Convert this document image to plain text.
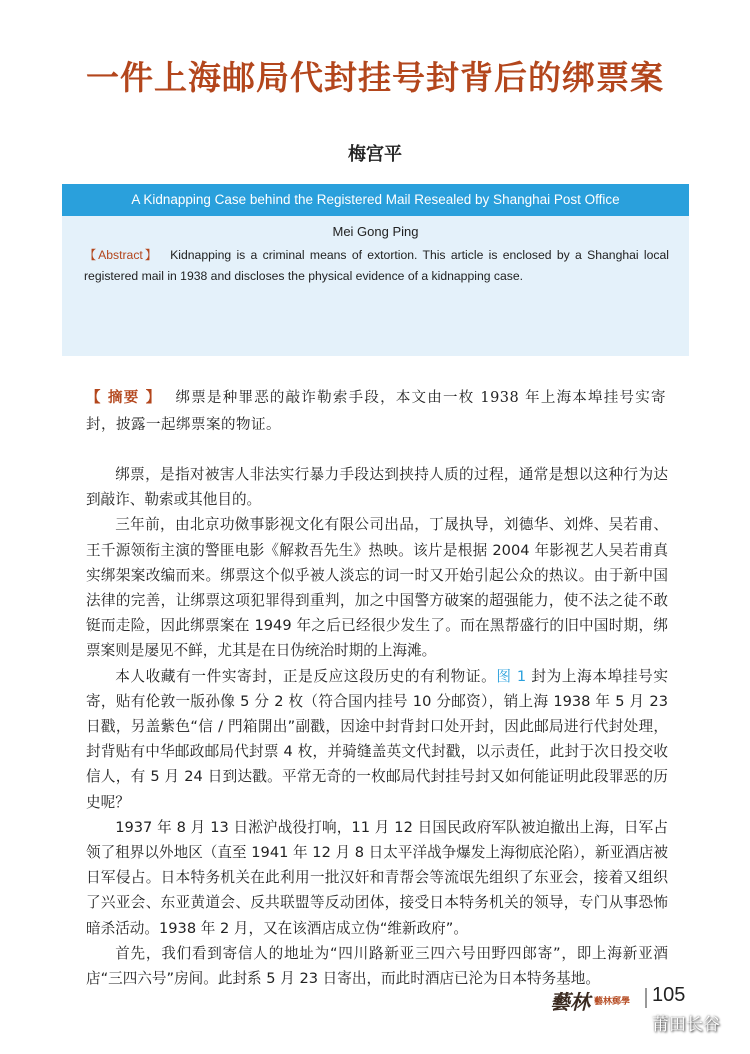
一件上海邮局代封挂号封背后的绑票案
梅宫平
A Kidnapping Case behind the Registered Mail Resealed by Shanghai Post Office
Mei Gong Ping
【Abstract】 Kidnapping is a criminal means of extortion. This article is enclosed by a Shanghai local registered mail in 1938 and discloses the physical evidence of a kidnapping case.
【 摘要 】 绑票是种罪恶的敲诈勒索手段，本文由一枚 1938 年上海本埠挂号实寄封，披露一起绑票案的物证。

绑票，是指对被害人非法实行暴力手段达到挟持人质的过程，通常是想以这种行为达到敲诈、勒索或其他目的。

三年前，由北京功傚事影视文化有限公司出品，丁晟执导，刘德华、刘烨、吴若甫、王千源领衔主演的警匪电影《解救吾先生》热映。该片是根据 2004 年影视艺人吴若甫真实绑架案改编而来。绑票这个似乎被人淡忘的词一时又开始引起公众的热议。由于新中国法律的完善，让绑票这项犯罪得到重判，加之中国警方破案的超强能力，使不法之徒不敢铤而走险，因此绑票案在 1949 年之后已经很少发生了。而在黑帮盛行的旧中国时期，绑票案则是屡见不鲜，尤其是在日伪统治时期的上海滩。

本人收藏有一件实寄封，正是反应这段历史的有利物证。图 1 封为上海本埠挂号实寄，贴有伦敦一版孙像 5 分 2 枚（符合国内挂号 10 分邮资），销上海 1938 年 5 月 23 日戳，另盖紫色“信 / 門箱開出”副戳，因途中封背封口处开封，因此邮局进行代封处理，封背贴有中华邮政邮局代封票 4 枚，并骑缝盖英文代封戳，以示责任，此封于次日投交收信人，有 5 月 24 日到达戳。平常无奇的一枚邮局代封挂号封又如何能证明此段罪恶的历史呢？

1937 年 8 月 13 日淞沪战役打响，11 月 12 日国民政府军队被迫撤出上海，日军占领了租界以外地区（直至 1941 年 12 月 8 日太平洋战争爆发上海彻底沦陷），新亚酒店被日军侵占。日本特务机关在此利用一批汉奸和青帮会等流氓先组织了东亚会，接着又组织了兴亚会、东亚黄道会、反共联盟等反动团体，接受日本特务机关的领导，专门从事恐怖暗杀活动。1938 年 2 月，又在该酒店成立伪“维新政府”。

首先，我们看到寄信人的地址为“四川路新亚三四六号田野四郎寄”，即上海新亚酒店“三四六号”房间。此封系 5 月 23 日寄出，而此时酒店已沦为日本特务基地。

藝林 藝林郵學 105
莆田长谷
